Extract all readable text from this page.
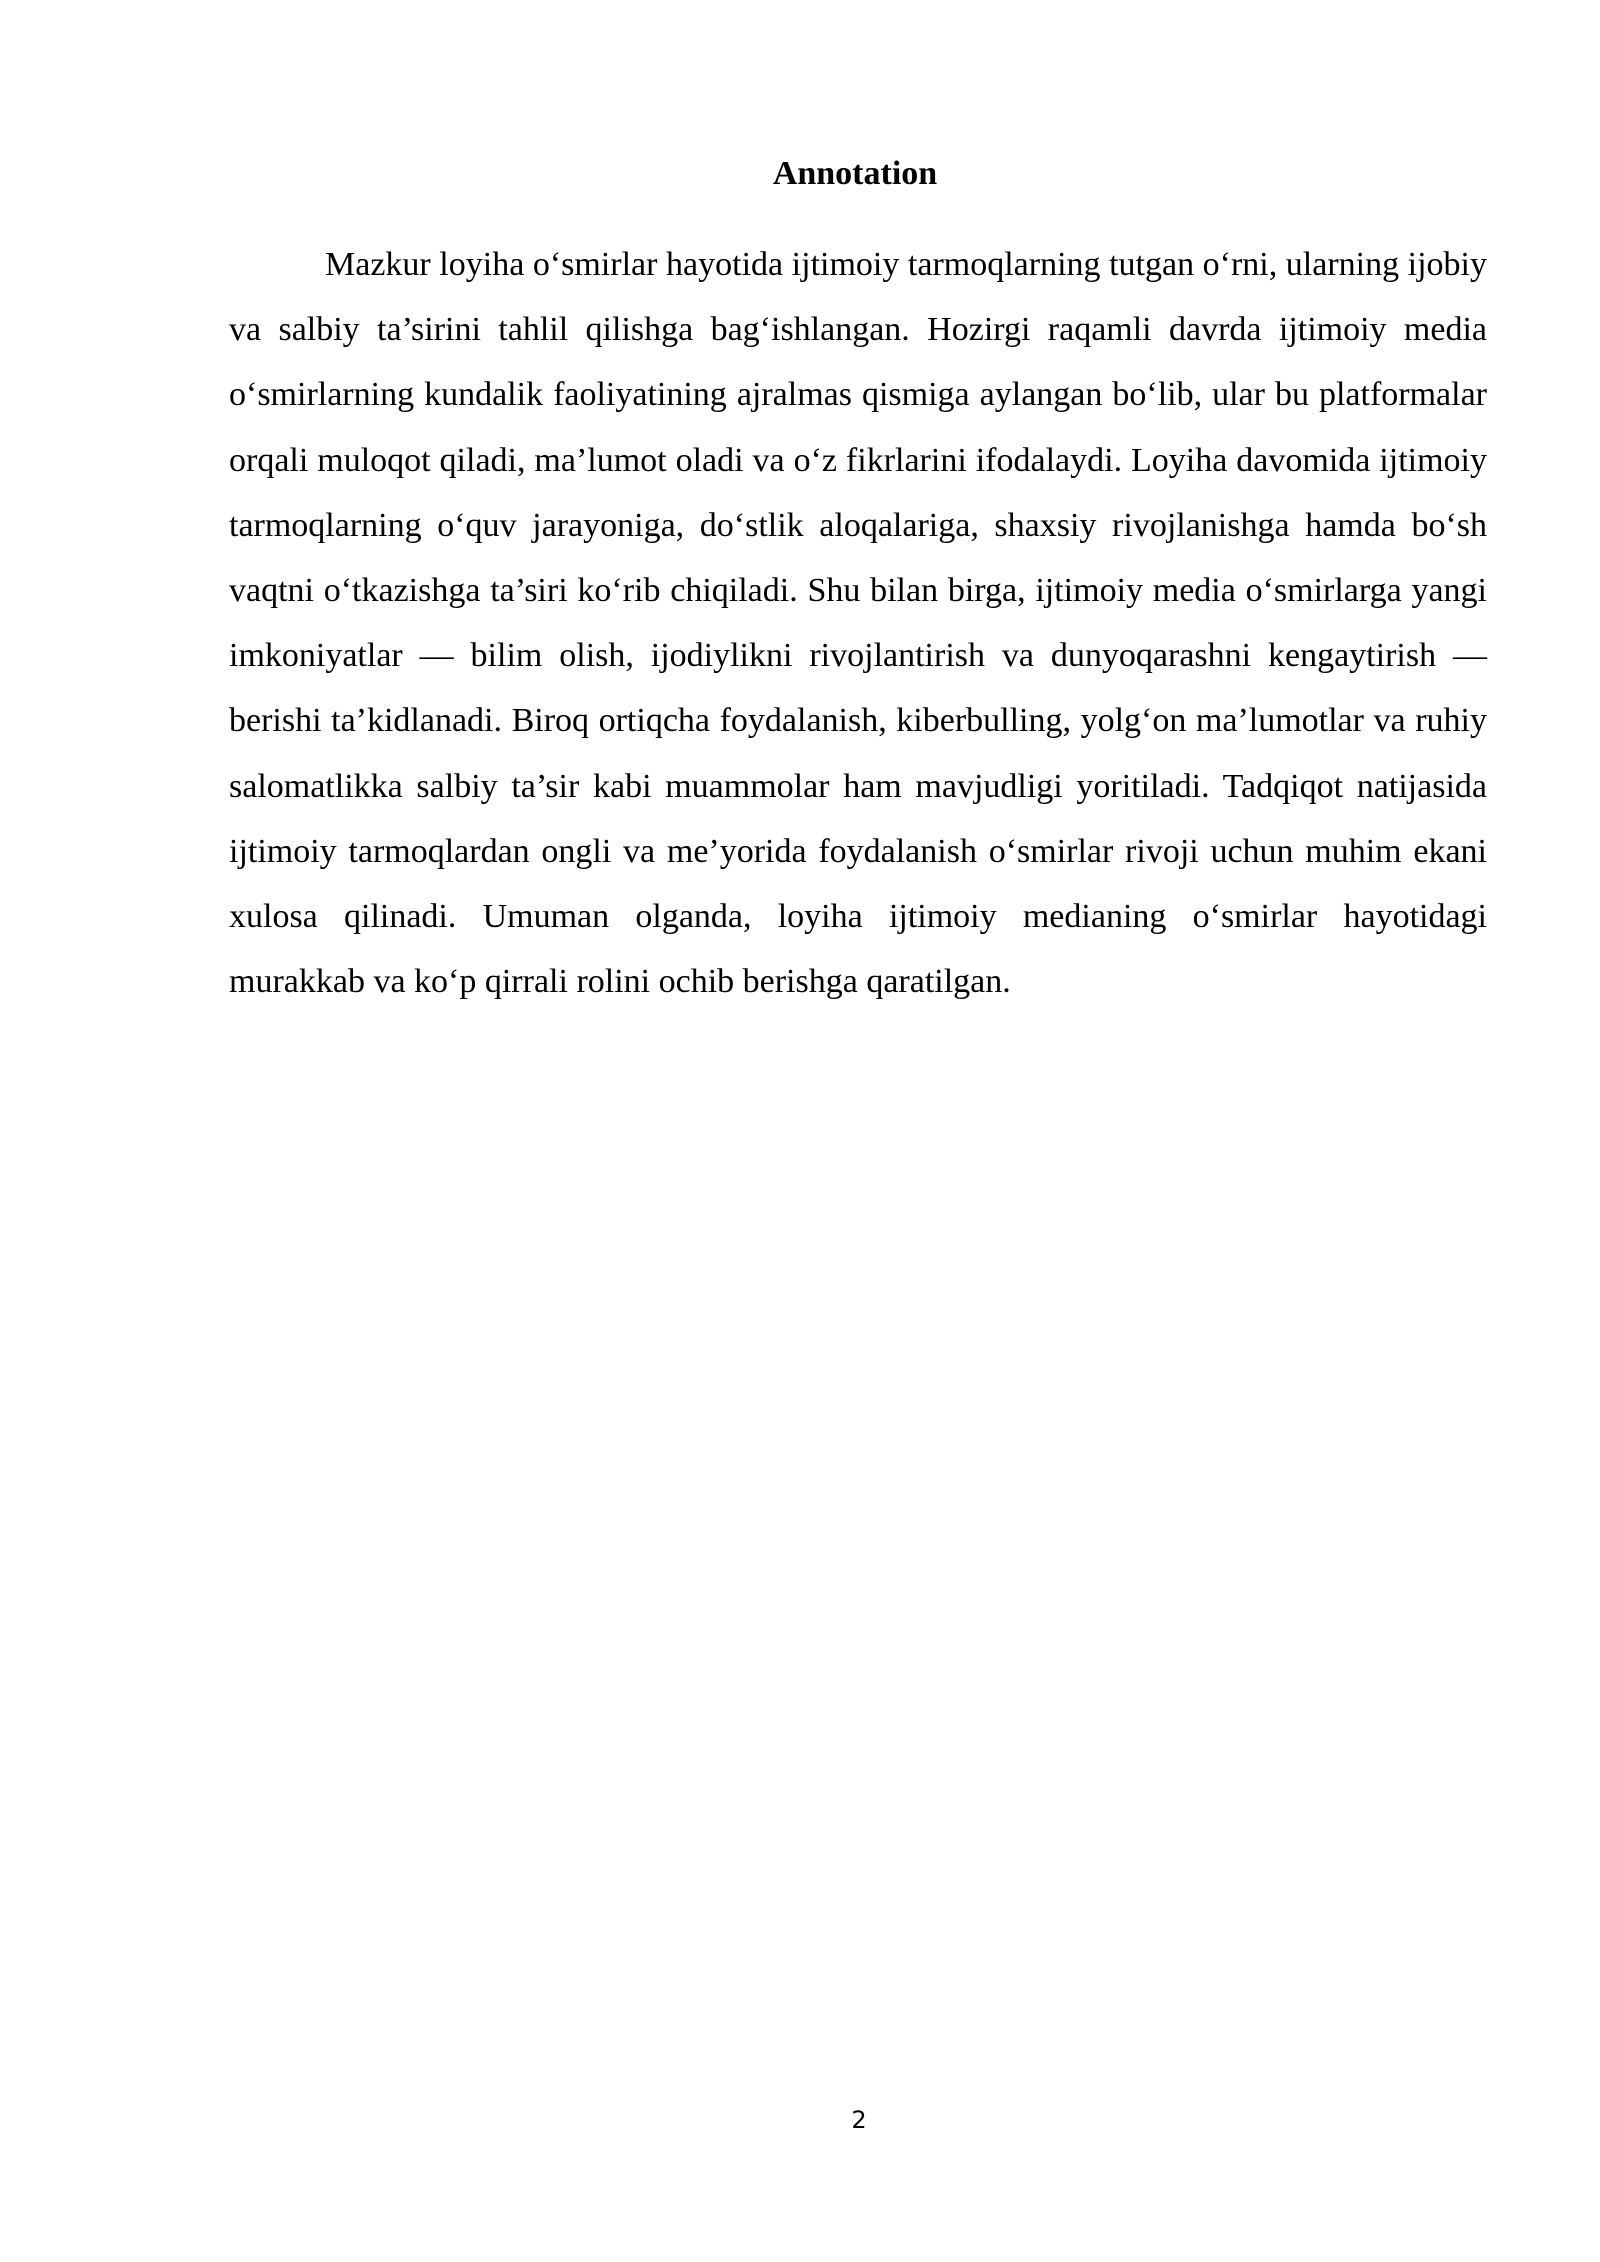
Annotation

Mazkur loyiha o‘smirlar hayotida ijtimoiy tarmoqlarning tutgan o‘rni, ularning ijobiy va salbiy ta’sirini tahlil qilishga bag‘ishlangan. Hozirgi raqamli davrda ijtimoiy media o‘smirlarning kundalik faoliyatining ajralmas qismiga aylangan bo‘lib, ular bu platformalar orqali muloqot qiladi, ma’lumot oladi va o‘z fikrlarini ifodalaydi. Loyiha davomida ijtimoiy tarmoqlarning o‘quv jarayoniga, do‘stlik aloqalariga, shaxsiy rivojlanishga hamda bo‘sh vaqtni o‘tkazishga ta’siri ko‘rib chiqiladi. Shu bilan birga, ijtimoiy media o‘smirlarga yangi imkoniyatlar — bilim olish, ijodiylikni rivojlantirish va dunyoqarashni kengaytirish — berishi ta’kidlanadi. Biroq ortiqcha foydalanish, kiberbulling, yolg‘on ma’lumotlar va ruhiy salomatlikka salbiy ta’sir kabi muammolar ham mavjudligi yoritiladi. Tadqiqot natijasida ijtimoiy tarmoqlardan ongli va me’yorida foydalanish o‘smirlar rivoji uchun muhim ekani xulosa qilinadi. Umuman olganda, loyiha ijtimoiy medianing o‘smirlar hayotidagi murakkab va ko‘p qirrali rolini ochib berishga qaratilgan.

2
